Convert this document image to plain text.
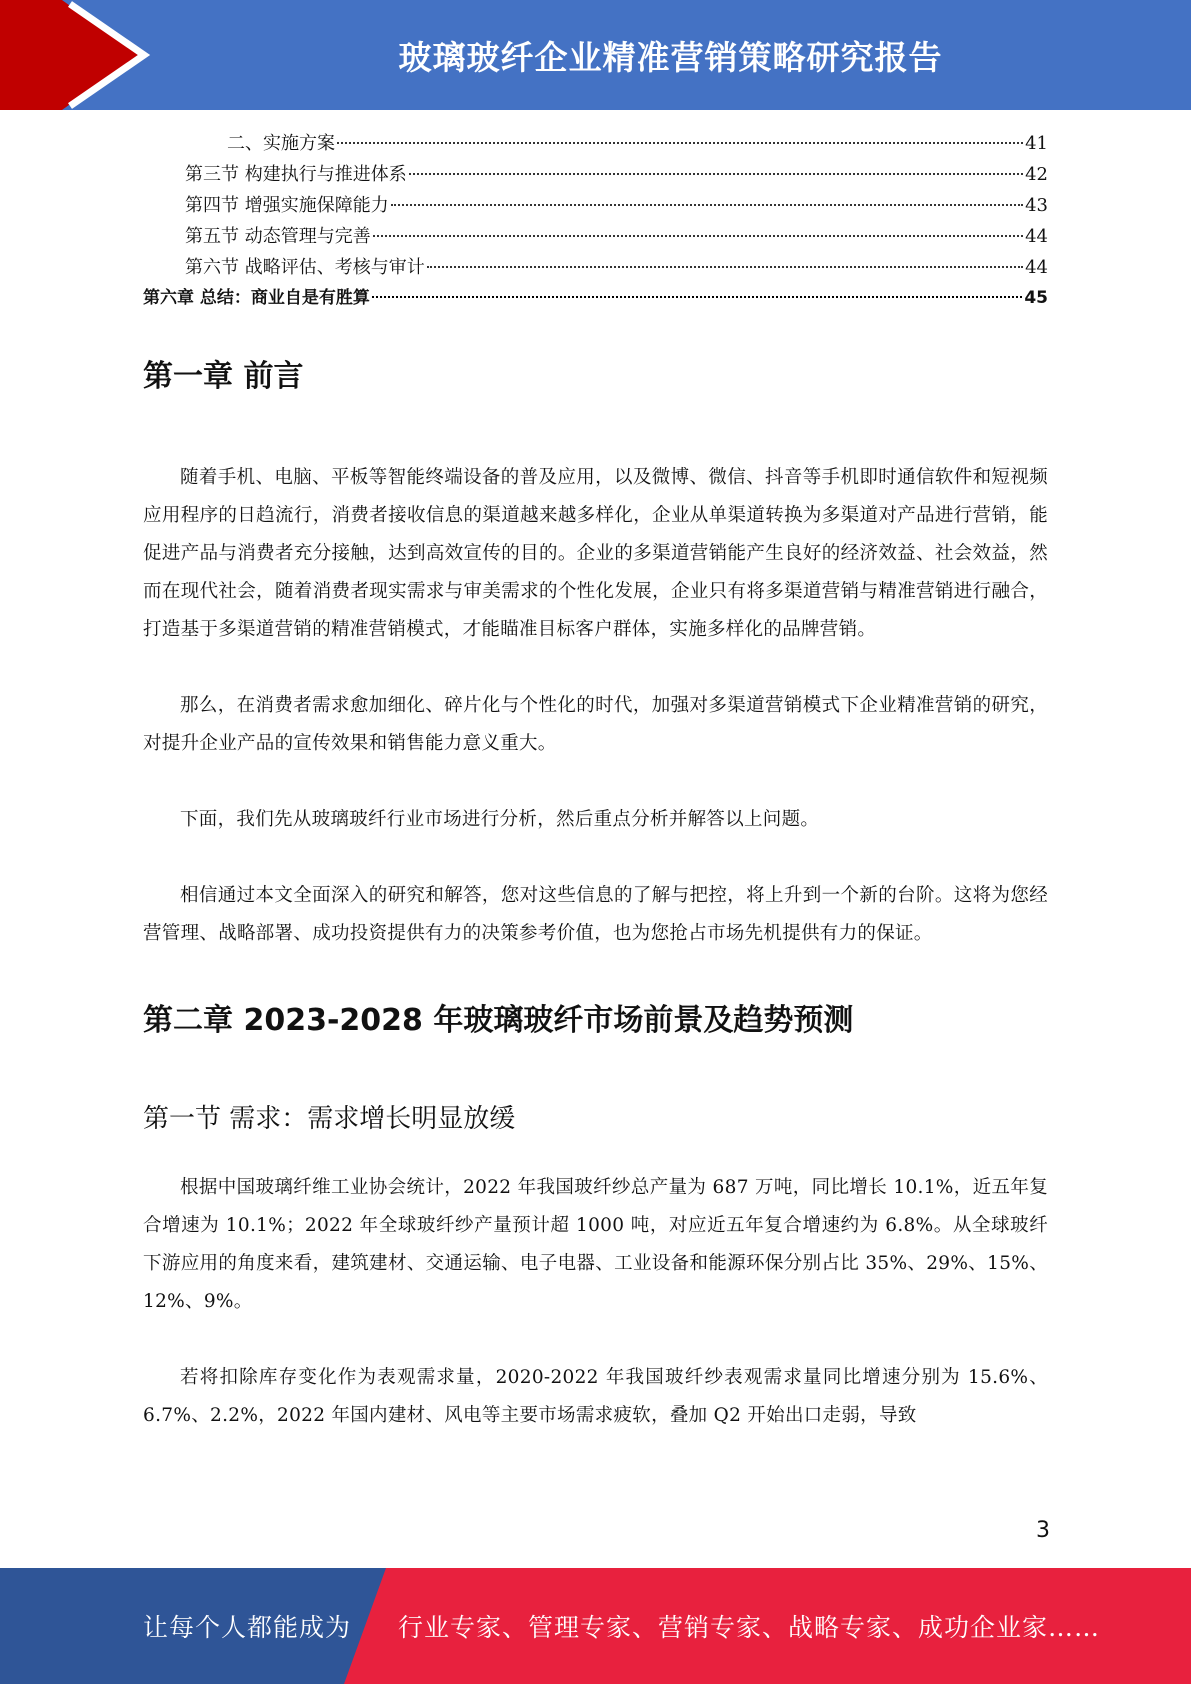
玻璃玻纤企业精准营销策略研究报告
二、实施方案	41
第三节 构建执行与推进体系	42
第四节 增强实施保障能力	43
第五节 动态管理与完善	44
第六节 战略评估、考核与审计	44
第六章 总结：商业自是有胜算	45
第一章 前言

随着手机、电脑、平板等智能终端设备的普及应用，以及微博、微信、抖音等手机即时通信软件和短视频应用程序的日趋流行，消费者接收信息的渠道越来越多样化，企业从单渠道转换为多渠道对产品进行营销，能促进产品与消费者充分接触，达到高效宣传的目的。企业的多渠道营销能产生良好的经济效益、社会效益，然而在现代社会，随着消费者现实需求与审美需求的个性化发展，企业只有将多渠道营销与精准营销进行融合，打造基于多渠道营销的精准营销模式，才能瞄准目标客户群体，实施多样化的品牌营销。

那么，在消费者需求愈加细化、碎片化与个性化的时代，加强对多渠道营销模式下企业精准营销的研究，对提升企业产品的宣传效果和销售能力意义重大。

下面，我们先从玻璃玻纤行业市场进行分析，然后重点分析并解答以上问题。

相信通过本文全面深入的研究和解答，您对这些信息的了解与把控，将上升到一个新的台阶。这将为您经营管理、战略部署、成功投资提供有力的决策参考价值，也为您抢占市场先机提供有力的保证。

第二章 2023-2028 年玻璃玻纤市场前景及趋势预测
第一节 需求：需求增长明显放缓

根据中国玻璃纤维工业协会统计，2022 年我国玻纤纱总产量为 687 万吨，同比增长 10.1%，近五年复合增速为 10.1%；2022 年全球玻纤纱产量预计超 1000 吨，对应近五年复合增速约为 6.8%。从全球玻纤下游应用的角度来看，建筑建材、交通运输、电子电器、工业设备和能源环保分别占比 35%、29%、15%、12%、9%。

若将扣除库存变化作为表观需求量，2020-2022 年我国玻纤纱表观需求量同比增速分别为 15.6%、6.7%、2.2%，2022 年国内建材、风电等主要市场需求疲软，叠加 Q2 开始出口走弱，导致

3
让每个人都能成为 行业专家、管理专家、营销专家、战略专家、成功企业家……
